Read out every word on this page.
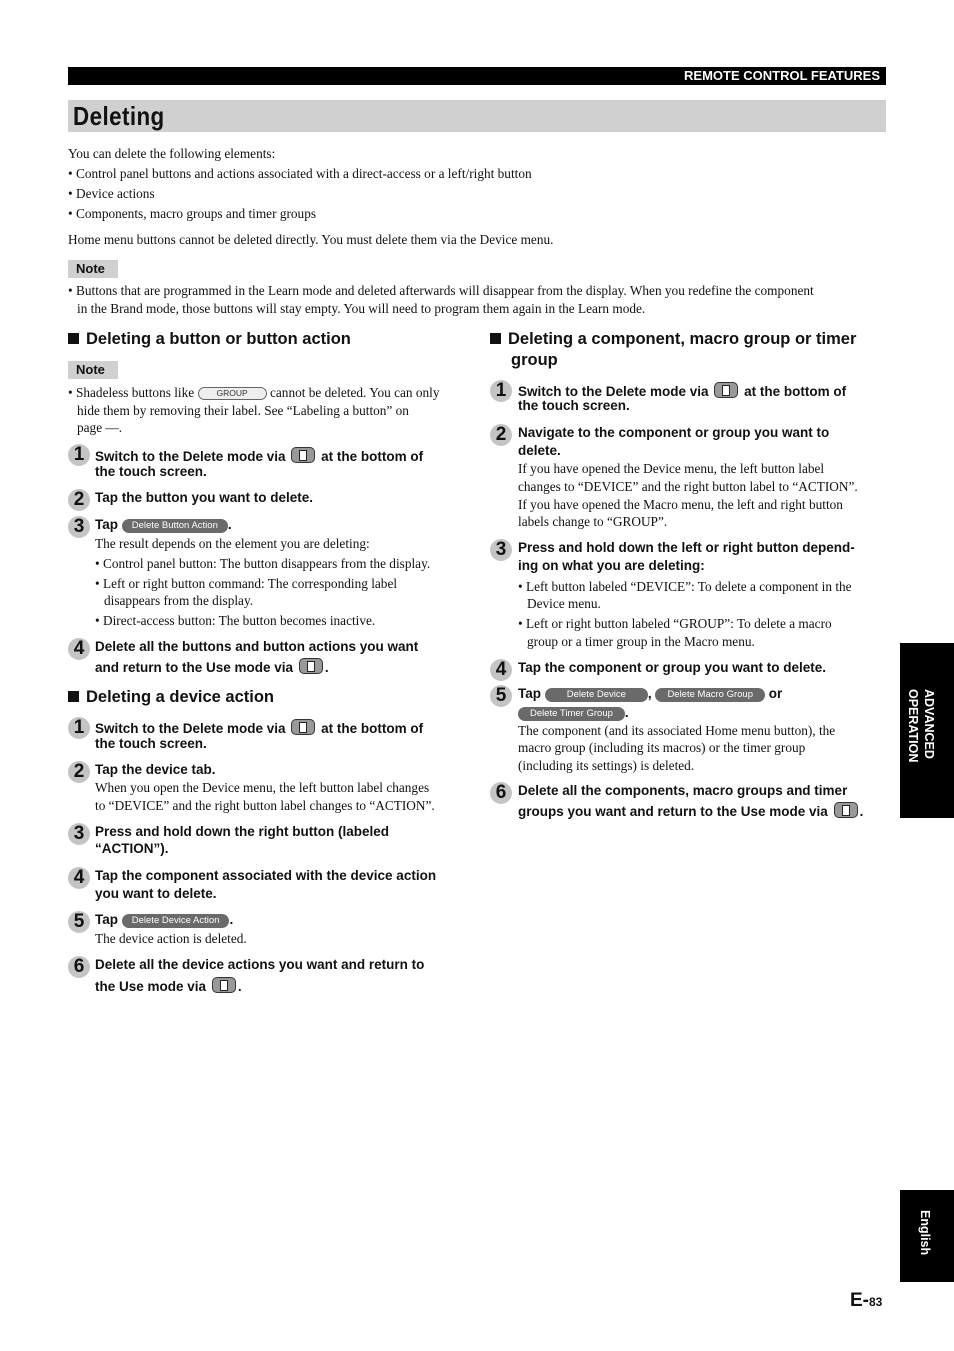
REMOTE CONTROL FEATURES
Deleting
You can delete the following elements:
• Control panel buttons and actions associated with a direct-access or a left/right button
• Device actions
• Components, macro groups and timer groups
Home menu buttons cannot be deleted directly. You must delete them via the Device menu.
Note
• Buttons that are programmed in the Learn mode and deleted afterwards will disappear from the display. When you redefine the component
in the Brand mode, those buttons will stay empty. You will need to program them again in the Learn mode.
Deleting a button or button action
Note
• Shadeless buttons like	GROUP cannot be deleted. You can only
hide them by removing their label. See “Labeling a button” on
page —.
1 Switch to the Delete mode via	at the bottom of
the touch screen.
2 Tap the button you want to delete.
3 Tap Delete Button Action .
The result depends on the element you are deleting:
• Control panel button: The button disappears from the display.
• Left or right button command: The corresponding label
disappears from the display.
• Direct-access button: The button becomes inactive.
4 Delete all the buttons and button actions you want
and return to the Use mode via .
Deleting a device action
1 Switch to the Delete mode via	at the bottom of
the touch screen.
2 Tap the device tab.
When you open the Device menu, the left button label changes
to “DEVICE” and the right button label changes to “ACTION”.
3 Press and hold down the right button (labeled
“ACTION”).
4 Tap the component associated with the device action
you want to delete.
5 Tap Delete Device Action .
The device action is deleted.
6 Delete all the device actions you want and return to
the Use mode via .
Deleting a component, macro group or timer
group
1 Switch to the Delete mode via	at the bottom of
the touch screen.
2 Navigate to the component or group you want to
delete.
If you have opened the Device menu, the left button label
changes to “DEVICE” and the right button label to “ACTION”.
If you have opened the Macro menu, the left and right button
labels change to “GROUP”.
3 Press and hold down the left or right button depend-
ing on what you are deleting:
• Left button labeled “DEVICE”: To delete a component in the
Device menu.
• Left or right button labeled “GROUP”: To delete a macro
group or a timer group in the Macro menu.
4 Tap the component or group you want to delete.
5 Tap	Delete Device , Delete Macro Group or
Delete Timer Group .
The component (and its associated Home menu button), the
macro group (including its macros) or the timer group
(including its settings) is deleted.
6 Delete all the components, macro groups and timer
groups you want and return to the Use mode via .
ADVANCED
OPERATION
English
E-83
